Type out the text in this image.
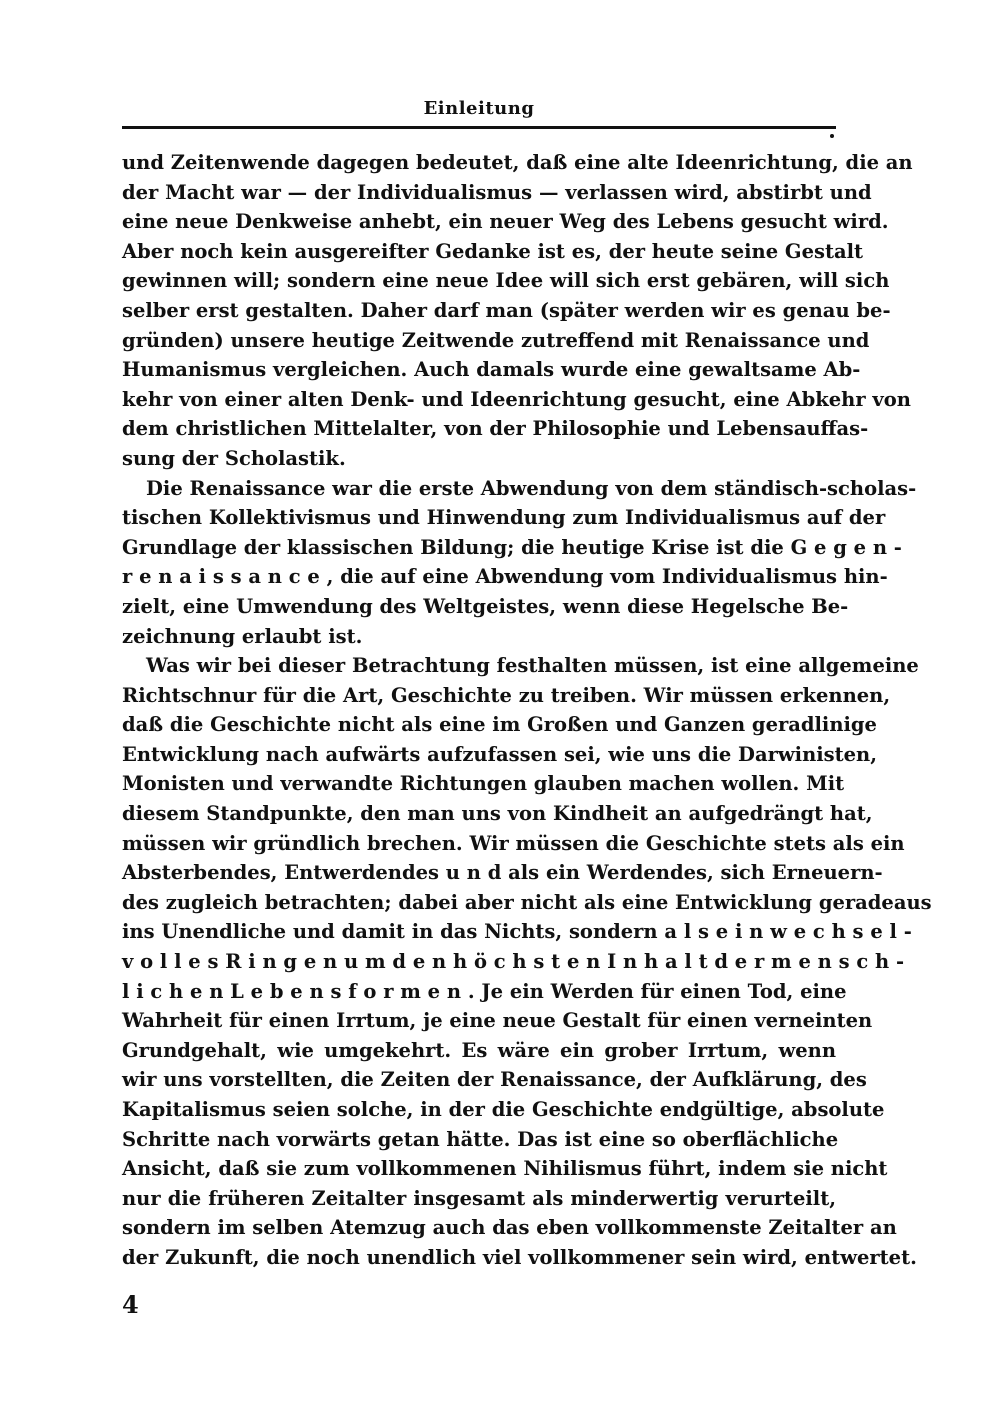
Einleitung
und Zeitenwende dagegen bedeutet, daß eine alte Ideenrichtung, die an
der Macht war — der Individualismus — verlassen wird, abstirbt und
eine neue Denkweise anhebt, ein neuer Weg des Lebens gesucht wird.
Aber noch kein ausgereifter Gedanke ist es, der heute seine Gestalt
gewinnen will; sondern eine neue Idee will sich erst gebären, will sich
selber erst gestalten. Daher darf man (später werden wir es genau be-
gründen) unsere heutige Zeitwende zutreffend mit Renaissance und
Humanismus vergleichen. Auch damals wurde eine gewaltsame Ab-
kehr von einer alten Denk- und Ideenrichtung gesucht, eine Abkehr von
dem christlichen Mittelalter, von der Philosophie und Lebensauffas-
sung der Scholastik.
Die Renaissance war die erste Abwendung von dem ständisch-scholas-
tischen Kollektivismus und Hinwendung zum Individualismus auf der
Grundlage der klassischen Bildung; die heutige Krise ist die G e g e n -
r e n a i s s a n c e , die auf eine Abwendung vom Individualismus hin-
zielt, eine Umwendung des Weltgeistes, wenn diese Hegelsche Be-
zeichnung erlaubt ist.
Was wir bei dieser Betrachtung festhalten müssen, ist eine allgemeine
Richtschnur für die Art, Geschichte zu treiben. Wir müssen erkennen,
daß die Geschichte nicht als eine im Großen und Ganzen geradlinige
Entwicklung nach aufwärts aufzufassen sei, wie uns die Darwinisten,
Monisten und verwandte Richtungen glauben machen wollen. Mit
diesem Standpunkte, den man uns von Kindheit an aufgedrängt hat,
müssen wir gründlich brechen. Wir müssen die Geschichte stets als ein
Absterbendes, Entwerdendes u n d als ein Werdendes, sich Erneuern-
des zugleich betrachten; dabei aber nicht als eine Entwicklung geradeaus
ins Unendliche und damit in das Nichts, sondern a l s e i n w e c h s e l -
v o l l e s R i n g e n u m d e n h ö c h s t e n I n h a l t d e r m e n s c h -
l i c h e n L e b e n s f o r m e n . Je ein Werden für einen Tod, eine
Wahrheit für einen Irrtum, je eine neue Gestalt für einen verneinten
Grundgehalt, wie umgekehrt. Es wäre ein grober Irrtum, wenn
wir uns vorstellten, die Zeiten der Renaissance, der Aufklärung, des
Kapitalismus seien solche, in der die Geschichte endgültige, absolute
Schritte nach vorwärts getan hätte. Das ist eine so oberflächliche
Ansicht, daß sie zum vollkommenen Nihilismus führt, indem sie nicht
nur die früheren Zeitalter insgesamt als minderwertig verurteilt,
sondern im selben Atemzug auch das eben vollkommenste Zeitalter an
der Zukunft, die noch unendlich viel vollkommener sein wird, entwertet.
4
